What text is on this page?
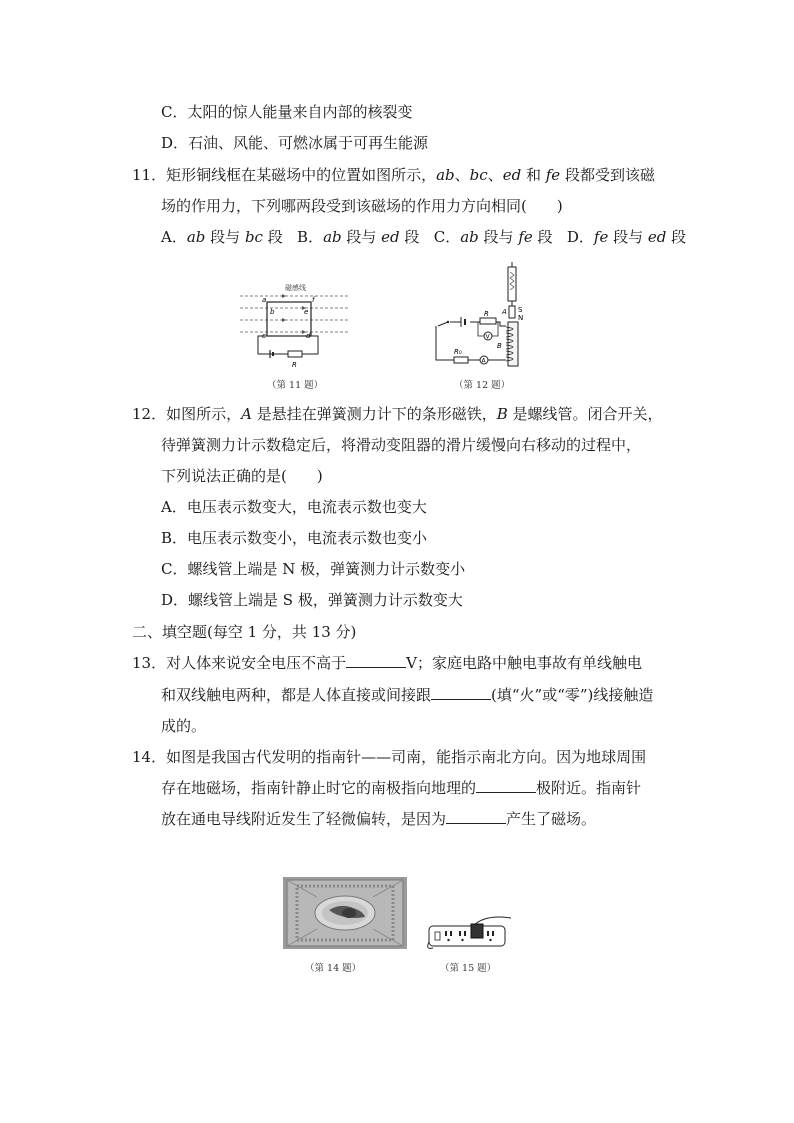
C．太阳的惊人能量来自内部的核裂变
D．石油、风能、可燃冰属于可再生能源
11．矩形铜线框在某磁场中的位置如图所示，ab、bc、ed 和 fe 段都受到该磁
场的作用力，下列哪两段受到该磁场的作用力方向相同(　　)
A．ab 段与 bc 段 B．ab 段与 ed 段 C．ab 段与 fe 段 D．fe 段与 ed 段
磁感线
a
b
c	d
e
f
R
（第 11 题）
S
N
A
B
R₀
A
R
V
（第 12 题）
12．如图所示，A 是悬挂在弹簧测力计下的条形磁铁，B 是螺线管。闭合开关，
待弹簧测力计示数稳定后，将滑动变阻器的滑片缓慢向右移动的过程中，
下列说法正确的是(　　)
A．电压表示数变大，电流表示数也变大
B．电压表示数变小，电流表示数也变小
C．螺线管上端是 N 极，弹簧测力计示数变小
D．螺线管上端是 S 极，弹簧测力计示数变大
二、填空题(每空 1 分，共 13 分)
13．对人体来说安全电压不高于	V；家庭电路中触电事故有单线触电
和双线触电两种，都是人体直接或间接跟	(填“火”或“零”)线接触造
成的。
14．如图是我国古代发明的指南针——司南，能指示南北方向。因为地球周围
存在地磁场，指南针静止时它的南极指向地理的	极附近。指南针
放在通电导线附近发生了轻微偏转，是因为	产生了磁场。
（第 14 题）	（第 15 题）
